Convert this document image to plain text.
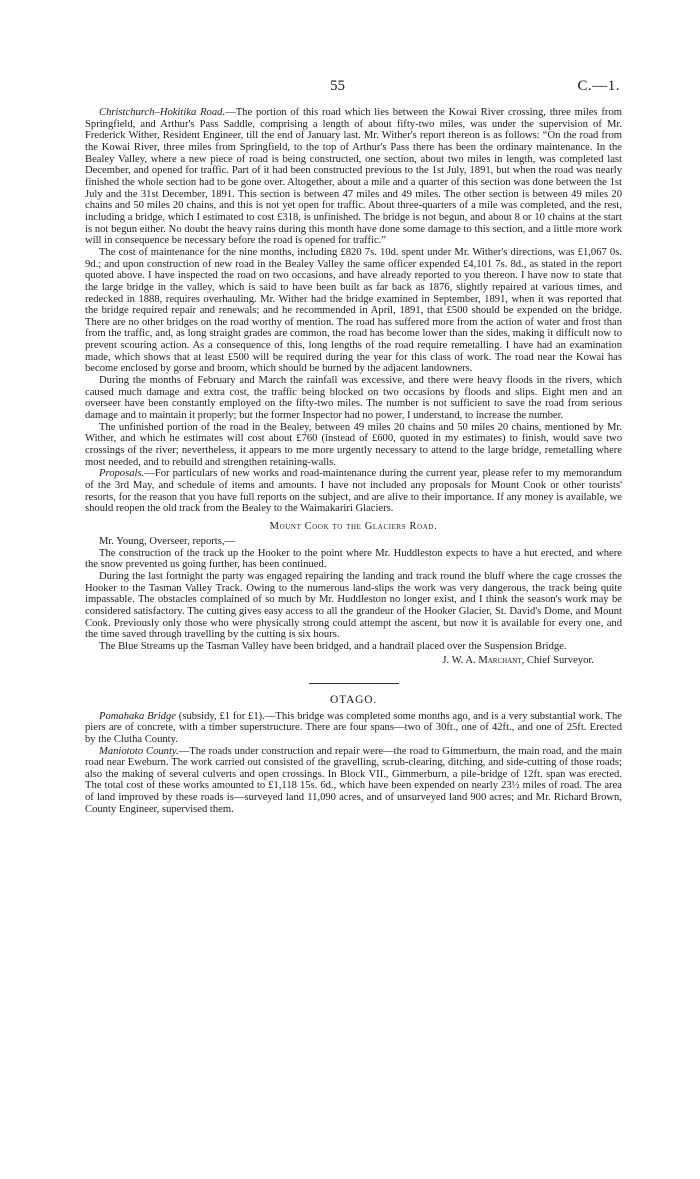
55	C.—1.

Christchurch–Hokitika Road.—The portion of this road which lies between the Kowai River crossing, three miles from Springfield, and Arthur's Pass Saddle, comprising a length of about fifty-two miles, was under the supervision of Mr. Frederick Wither, Resident Engineer, till the end of January last. Mr. Wither's report thereon is as follows: “On the road from the Kowai River, three miles from Springfield, to the top of Arthur's Pass there has been the ordinary maintenance. In the Bealey Valley, where a new piece of road is being constructed, one section, about two miles in length, was completed last December, and opened for traffic. Part of it had been constructed previous to the 1st July, 1891, but when the road was nearly finished the whole section had to be gone over. Altogether, about a mile and a quarter of this section was done between the 1st July and the 31st December, 1891. This section is between 47 miles and 49 miles. The other section is between 49 miles 20 chains and 50 miles 20 chains, and this is not yet open for traffic. About three-quarters of a mile was completed, and the rest, including a bridge, which I estimated to cost £318, is unfinished. The bridge is not begun, and about 8 or 10 chains at the start is not begun either. No doubt the heavy rains during this month have done some damage to this section, and a little more work will in consequence be necessary before the road is opened for traffic.”

The cost of maintenance for the nine months, including £820 7s. 10d. spent under Mr. Wither's directions, was £1,067 0s. 9d.; and upon construction of new road in the Bealey Valley the same officer expended £4,101 7s. 8d., as stated in the report quoted above. I have inspected the road on two occasions, and have already reported to you thereon. I have now to state that the large bridge in the valley, which is said to have been built as far back as 1876, slightly repaired at various times, and redecked in 1888, requires overhauling. Mr. Wither had the bridge examined in September, 1891, when it was reported that the bridge required repair and renewals; and he recommended in April, 1891, that £500 should be expended on the bridge. There are no other bridges on the road worthy of mention. The road has suffered more from the action of water and frost than from the traffic, and, as long straight grades are common, the road has become lower than the sides, making it difficult now to prevent scouring action. As a consequence of this, long lengths of the road require remetalling. I have had an examination made, which shows that at least £500 will be required during the year for this class of work. The road near the Kowai has become enclosed by gorse and broom, which should be burned by the adjacent landowners.

During the months of February and March the rainfall was excessive, and there were heavy floods in the rivers, which caused much damage and extra cost, the traffic being blocked on two occasions by floods and slips. Eight men and an overseer have been constantly employed on the fifty-two miles. The number is not sufficient to save the road from serious damage and to maintain it properly; but the former Inspector had no power, I understand, to increase the number.

The unfinished portion of the road in the Bealey, between 49 miles 20 chains and 50 miles 20 chains, mentioned by Mr. Wither, and which he estimates will cost about £760 (instead of £600, quoted in my estimates) to finish, would save two crossings of the river; nevertheless, it appears to me more urgently necessary to attend to the large bridge, remetalling where most needed, and to rebuild and strengthen retaining-walls.

Proposals.—For particulars of new works and road-maintenance during the current year, please refer to my memorandum of the 3rd May, and schedule of items and amounts. I have not included any proposals for Mount Cook or other tourists' resorts, for the reason that you have full reports on the subject, and are alive to their importance. If any money is available, we should reopen the old track from the Bealey to the Waimakariri Glaciers.

Mount Cook to the Glaciers Road.

Mr. Young, Overseer, reports,—

The construction of the track up the Hooker to the point where Mr. Huddleston expects to have a hut erected, and where the snow prevented us going further, has been continued.

During the last fortnight the party was engaged repairing the landing and track round the bluff where the cage crosses the Hooker to the Tasman Valley Track. Owing to the numerous land-slips the work was very dangerous, the track being quite impassable. The obstacles complained of so much by Mr. Huddleston no longer exist, and I think the season's work may be considered satisfactory. The cutting gives easy access to all the grandeur of the Hooker Glacier, St. David's Dome, and Mount Cook. Previously only those who were physically strong could attempt the ascent, but now it is available for every one, and the time saved through travelling by the cutting is six hours.

The Blue Streams up the Tasman Valley have been bridged, and a handrail placed over the Suspension Bridge.

J. W. A. Marchant, Chief Surveyor.
OTAGO.

Pomahaka Bridge (subsidy, £1 for £1).—This bridge was completed some months ago, and is a very substantial work. The piers are of concrete, with a timber superstructure. There are four spans—two of 30ft., one of 42ft., and one of 25ft. Erected by the Clutha County.

Maniototo County.—The roads under construction and repair were—the road to Gimmerburn, the main road, and the main road near Eweburn. The work carried out consisted of the gravelling, scrub-clearing, ditching, and side-cutting of those roads; also the making of several culverts and open crossings. In Block VII., Gimmerburn, a pile-bridge of 12ft. span was erected. The total cost of these works amounted to £1,118 15s. 6d., which have been expended on nearly 23½ miles of road. The area of land improved by these roads is—surveyed land 11,090 acres, and of unsurveyed land 900 acres; and Mr. Richard Brown, County Engineer, supervised them.
